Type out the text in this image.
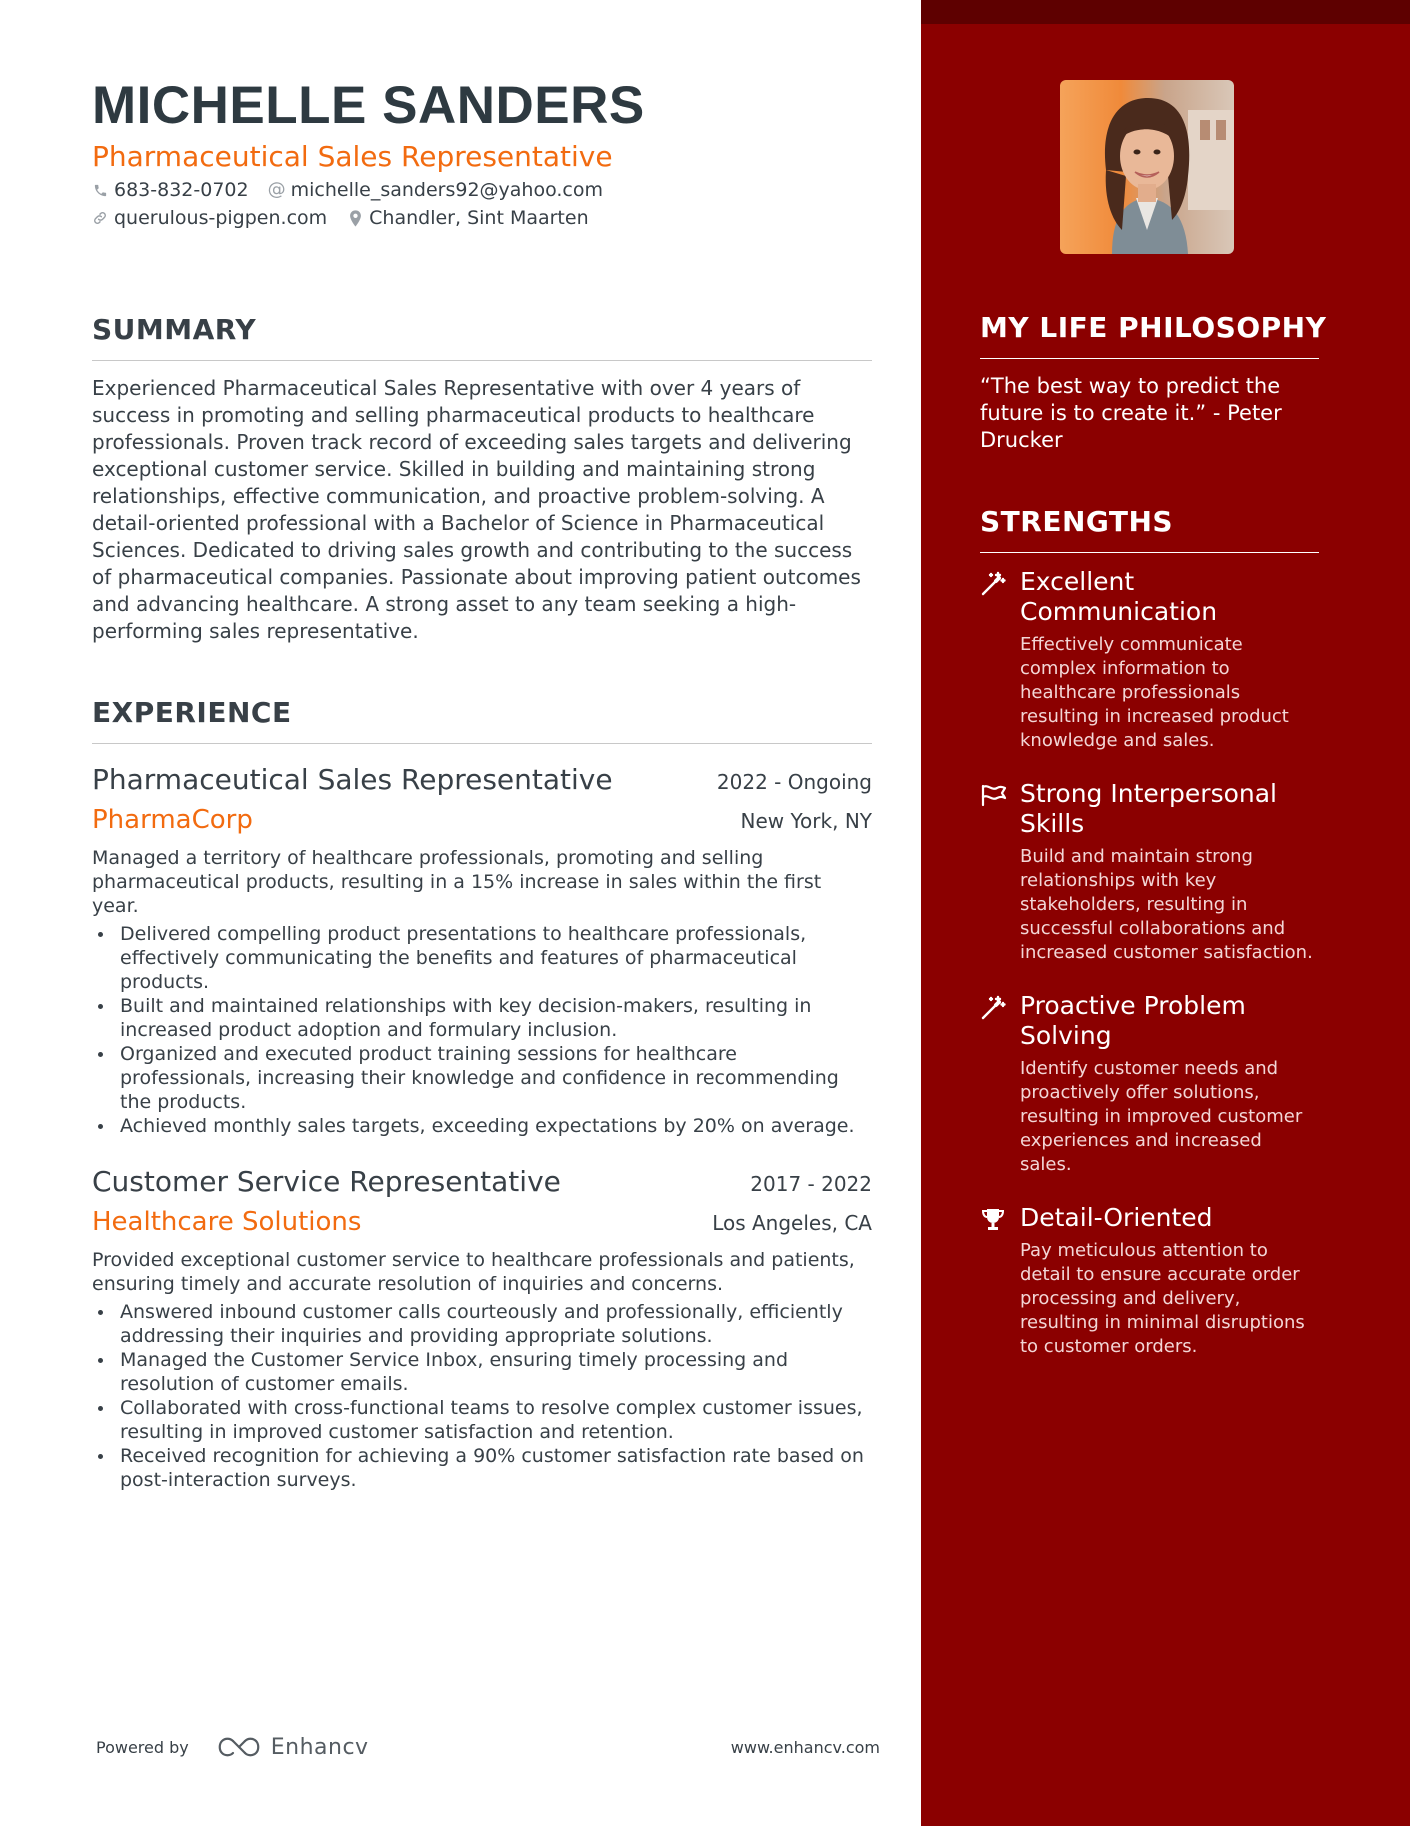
MICHELLE SANDERS
Pharmaceutical Sales Representative
683-832-0702 @ michelle_sanders92@yahoo.com
querulous-pigpen.com Chandler, Sint Maarten
SUMMARY

Experienced Pharmaceutical Sales Representative with over 4 years of success in promoting and selling pharmaceutical products to healthcare professionals. Proven track record of exceeding sales targets and delivering exceptional customer service. Skilled in building and maintaining strong relationships, effective communication, and proactive problem-solving. A detail-oriented professional with a Bachelor of Science in Pharmaceutical Sciences. Dedicated to driving sales growth and contributing to the success of pharmaceutical companies. Passionate about improving patient outcomes and advancing healthcare. A strong asset to any team seeking a high-performing sales representative.

EXPERIENCE
Pharmaceutical Sales Representative	2022 - Ongoing
PharmaCorp	New York, NY

Managed a territory of healthcare professionals, promoting and selling pharmaceutical products, resulting in a 15% increase in sales within the first year.

Delivered compelling product presentations to healthcare professionals, effectively communicating the benefits and features of pharmaceutical products.
Built and maintained relationships with key decision-makers, resulting in increased product adoption and formulary inclusion.
Organized and executed product training sessions for healthcare professionals, increasing their knowledge and confidence in recommending the products.
Achieved monthly sales targets, exceeding expectations by 20% on average.
Customer Service Representative	2017 - 2022
Healthcare Solutions	Los Angeles, CA

Provided exceptional customer service to healthcare professionals and patients, ensuring timely and accurate resolution of inquiries and concerns.

Answered inbound customer calls courteously and professionally, efficiently addressing their inquiries and providing appropriate solutions.
Managed the Customer Service Inbox, ensuring timely processing and resolution of customer emails.
Collaborated with cross-functional teams to resolve complex customer issues, resulting in improved customer satisfaction and retention.
Received recognition for achieving a 90% customer satisfaction rate based on post-interaction surveys.
Powered by	Enhancv	www.enhancv.com
MY LIFE PHILOSOPHY
“The best way to predict the future is to create it.” - Peter Drucker
STRENGTHS
Excellent Communication
Effectively communicate complex information to healthcare professionals resulting in increased product knowledge and sales.
Strong Interpersonal Skills
Build and maintain strong relationships with key stakeholders, resulting in successful collaborations and increased customer satisfaction.
Proactive Problem Solving
Identify customer needs and proactively offer solutions, resulting in improved customer experiences and increased sales.
Detail-Oriented
Pay meticulous attention to detail to ensure accurate order processing and delivery, resulting in minimal disruptions to customer orders.
